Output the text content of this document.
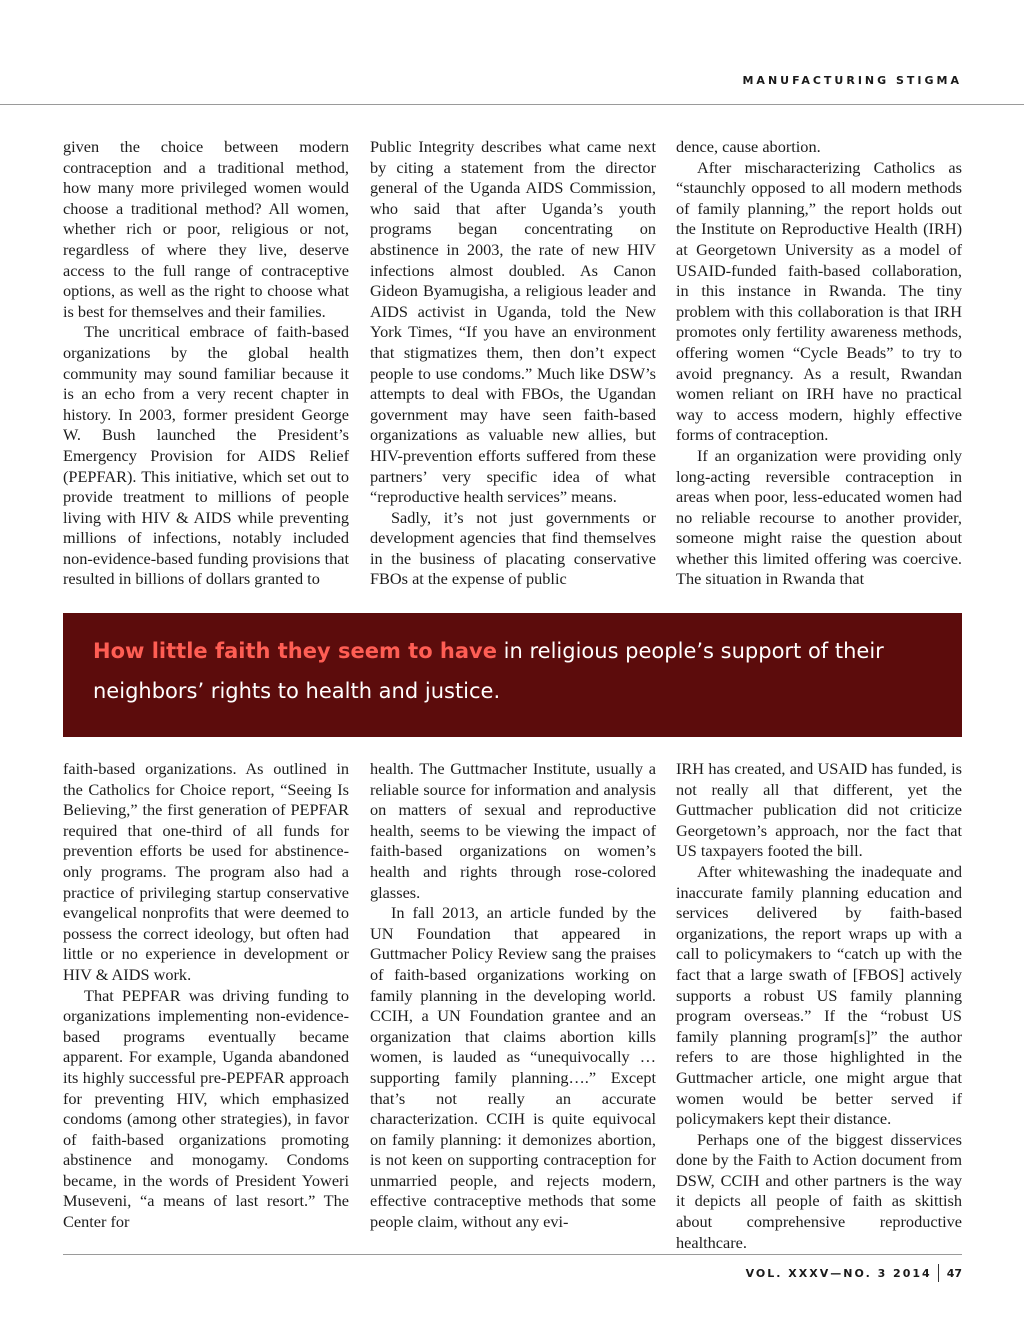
MANUFACTURING STIGMA

given the choice between modern contraception and a traditional method, how many more privileged women would choose a traditional method? All women, whether rich or poor, religious or not, regardless of where they live, deserve access to the full range of contraceptive options, as well as the right to choose what is best for themselves and their families.

The uncritical embrace of faith-based organizations by the global health community may sound familiar because it is an echo from a very recent chapter in history. In 2003, former president George W. Bush launched the President’s Emergency Provision for AIDS Relief (PEPFAR). This initiative, which set out to provide treatment to millions of people living with HIV & AIDS while preventing millions of infections, notably included non-evidence-based funding provisions that resulted in billions of dollars granted to

Public Integrity describes what came next by citing a statement from the director general of the Uganda AIDS Commission, who said that after Uganda’s youth programs began concentrating on abstinence in 2003, the rate of new HIV infections almost doubled. As Canon Gideon Byamugisha, a religious leader and AIDS activist in Uganda, told the New York Times, “If you have an environment that stigmatizes them, then don’t expect people to use condoms.” Much like DSW’s attempts to deal with FBOs, the Ugandan government may have seen faith-based organizations as valuable new allies, but HIV-prevention efforts suffered from these partners’ very specific idea of what “reproductive health services” means.

Sadly, it’s not just governments or development agencies that find themselves in the business of placating conservative FBOs at the expense of public

dence, cause abortion.

After mischaracterizing Catholics as “staunchly opposed to all modern methods of family planning,” the report holds out the Institute on Reproductive Health (IRH) at Georgetown University as a model of USAID-funded faith-based collaboration, in this instance in Rwanda. The tiny problem with this collaboration is that IRH promotes only fertility awareness methods, offering women “Cycle Beads” to try to avoid pregnancy. As a result, Rwandan women reliant on IRH have no practical way to access modern, highly effective forms of contraception.

If an organization were providing only long-acting reversible contraception in areas when poor, less-educated women had no reliable recourse to another provider, someone might raise the question about whether this limited offering was coercive. The situation in Rwanda that

How little faith they seem to have in religious people’s support of their neighbors’ rights to health and justice.

faith-based organizations. As outlined in the Catholics for Choice report, “Seeing Is Believing,” the first generation of PEPFAR required that one-third of all funds for prevention efforts be used for abstinence-only programs. The program also had a practice of privileging startup conservative evangelical nonprofits that were deemed to possess the correct ideology, but often had little or no experience in development or HIV & AIDS work.

That PEPFAR was driving funding to organizations implementing non-evidence-based programs eventually became apparent. For example, Uganda abandoned its highly successful pre-PEPFAR approach for preventing HIV, which emphasized condoms (among other strategies), in favor of faith-based organizations promoting abstinence and monogamy. Condoms became, in the words of President Yoweri Museveni, “a means of last resort.” The Center for

health. The Guttmacher Institute, usually a reliable source for information and analysis on matters of sexual and reproductive health, seems to be viewing the impact of faith-based organizations on women’s health and rights through rose-colored glasses.

In fall 2013, an article funded by the UN Foundation that appeared in Guttmacher Policy Review sang the praises of faith-based organizations working on family planning in the developing world. CCIH, a UN Foundation grantee and an organization that claims abortion kills women, is lauded as “unequivocally … supporting family planning….” Except that’s not really an accurate characterization. CCIH is quite equivocal on family planning: it demonizes abortion, is not keen on supporting contraception for unmarried people, and rejects modern, effective contraceptive methods that some people claim, without any evi-

IRH has created, and USAID has funded, is not really all that different, yet the Guttmacher publication did not criticize Georgetown’s approach, nor the fact that US taxpayers footed the bill.

After whitewashing the inadequate and inaccurate family planning education and services delivered by faith-based organizations, the report wraps up with a call to policymakers to “catch up with the fact that a large swath of [FBOS] actively supports a robust US family planning program overseas.” If the “robust US family planning program[s]” the author refers to are those highlighted in the Guttmacher article, one might argue that women would be better served if policymakers kept their distance.

Perhaps one of the biggest disservices done by the Faith to Action document from DSW, CCIH and other partners is the way it depicts all people of faith as skittish about comprehensive reproductive healthcare.

VOL. XXXV—NO. 3 2014 47
